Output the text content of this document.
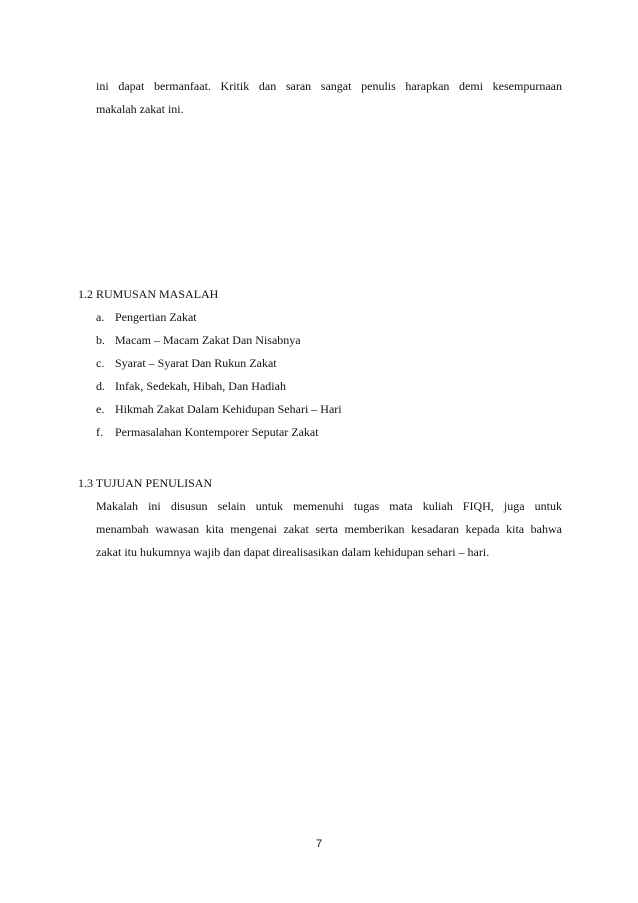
ini dapat bermanfaat. Kritik dan saran sangat penulis harapkan demi kesempurnaan
makalah zakat ini.
1.2 RUMUSAN MASALAH
a. Pengertian Zakat
b. Macam – Macam Zakat Dan Nisabnya
c. Syarat – Syarat Dan Rukun Zakat
d. Infak, Sedekah, Hibah, Dan Hadiah
e. Hikmah Zakat Dalam Kehidupan Sehari – Hari
f.	Permasalahan Kontemporer Seputar Zakat
1.3 TUJUAN PENULISAN
Makalah ini disusun selain untuk memenuhi tugas mata kuliah FIQH, juga untuk
menambah wawasan kita mengenai zakat serta memberikan kesadaran kepada kita bahwa
zakat itu hukumnya wajib dan dapat direalisasikan dalam kehidupan sehari – hari.
7
